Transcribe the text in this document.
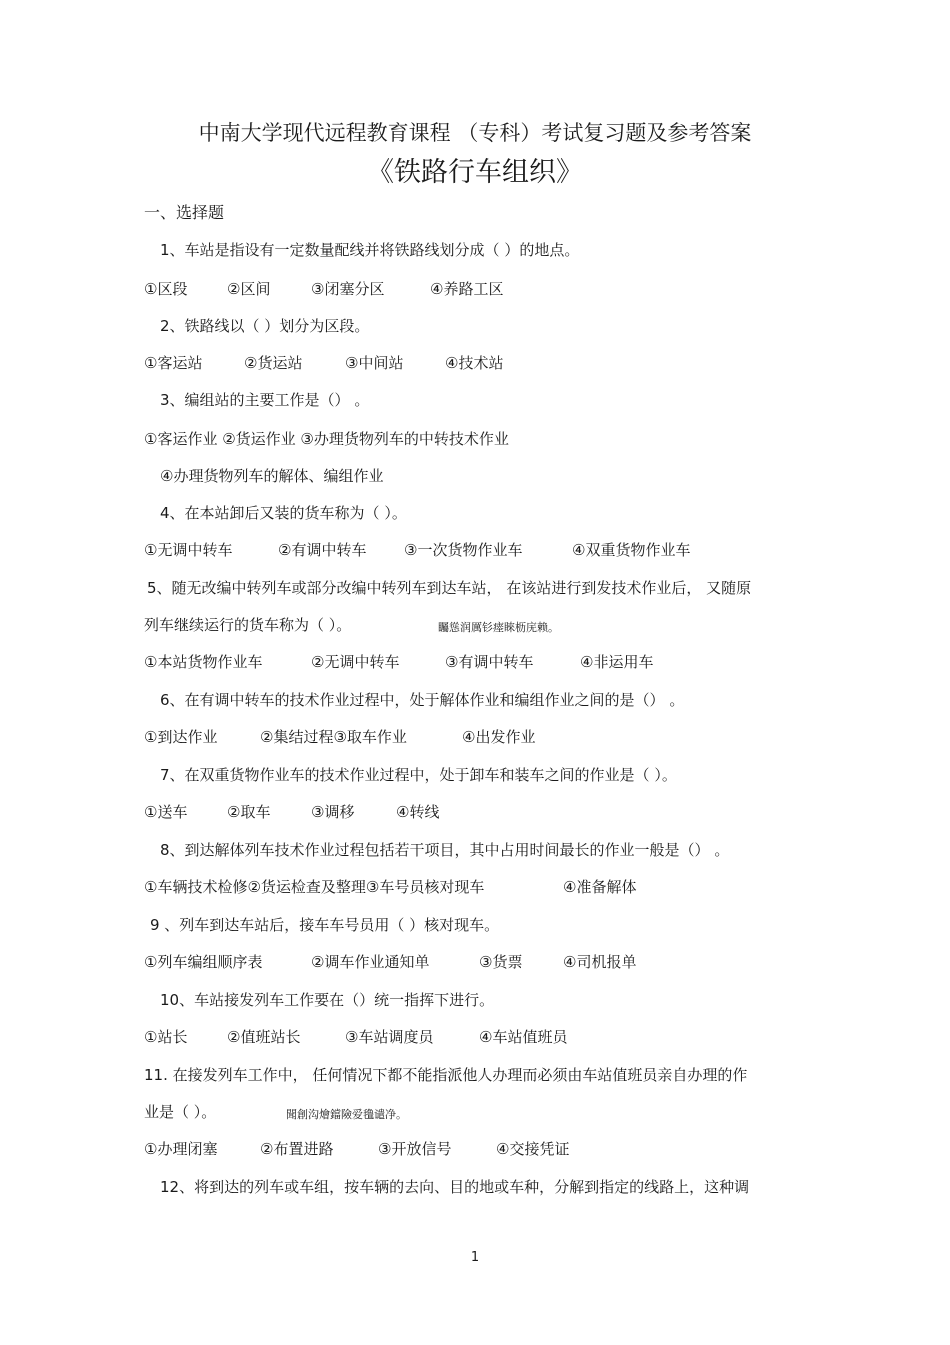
中南大学现代远程教育课程 （专科）考试复习题及参考答案
《铁路行车组织》
一、选择题
1、车站是指设有一定数量配线并将铁路线划分成（ ）的地点。
①区段	②区间	③闭塞分区	④养路工区
2、铁路线以（ ）划分为区段。
①客运站	②货运站	③中间站	④技术站
3、编组站的主要工作是（） 。
①客运作业 ②货运作业 ③办理货物列车的中转技术作业
④办理货物列车的解体、编组作业
4、在本站卸后又装的货车称为（ ）。
①无调中转车	②有调中转车	③一次货物作业车	④双重货物作业车
5、随无改编中转列车或部分改编中转列车到达车站， 在该站进行到发技术作业后， 又随原
列车继续运行的货车称为（ ）。	矚慫润厲钐瘗睞枥庑赖。
①本站货物作业车	②无调中转车	③有调中转车	④非运用车
6、在有调中转车的技术作业过程中，处于解体作业和编组作业之间的是（） 。
①到达作业	②集结过程③取车作业	④出发作业
7、在双重货物作业车的技术作业过程中，处于卸车和装车之间的作业是（ ）。
①送车	②取车	③调移	④转线
8、到达解体列车技术作业过程包括若干项目，其中占用时间最长的作业一般是（） 。
①车辆技术检修②货运检查及整理③车号员核对现车	④准备解体
9 、列车到达车站后，接车车号员用（ ）核对现车。
①列车编组顺序表	②调车作业通知单	③货票	④司机报单
10、车站接发列车工作要在（）统一指挥下进行。
①站长	②值班站长	③车站调度员	④车站值班员
11. 在接发列车工作中， 任何情况下都不能指派他人办理而必须由车站值班员亲自办理的作
业是（ ）。	聞創沟燴鐺險爱氇谴净。
①办理闭塞	②布置进路	③开放信号	④交接凭证
12、将到达的列车或车组，按车辆的去向、目的地或车种，分解到指定的线路上，这种调
1
